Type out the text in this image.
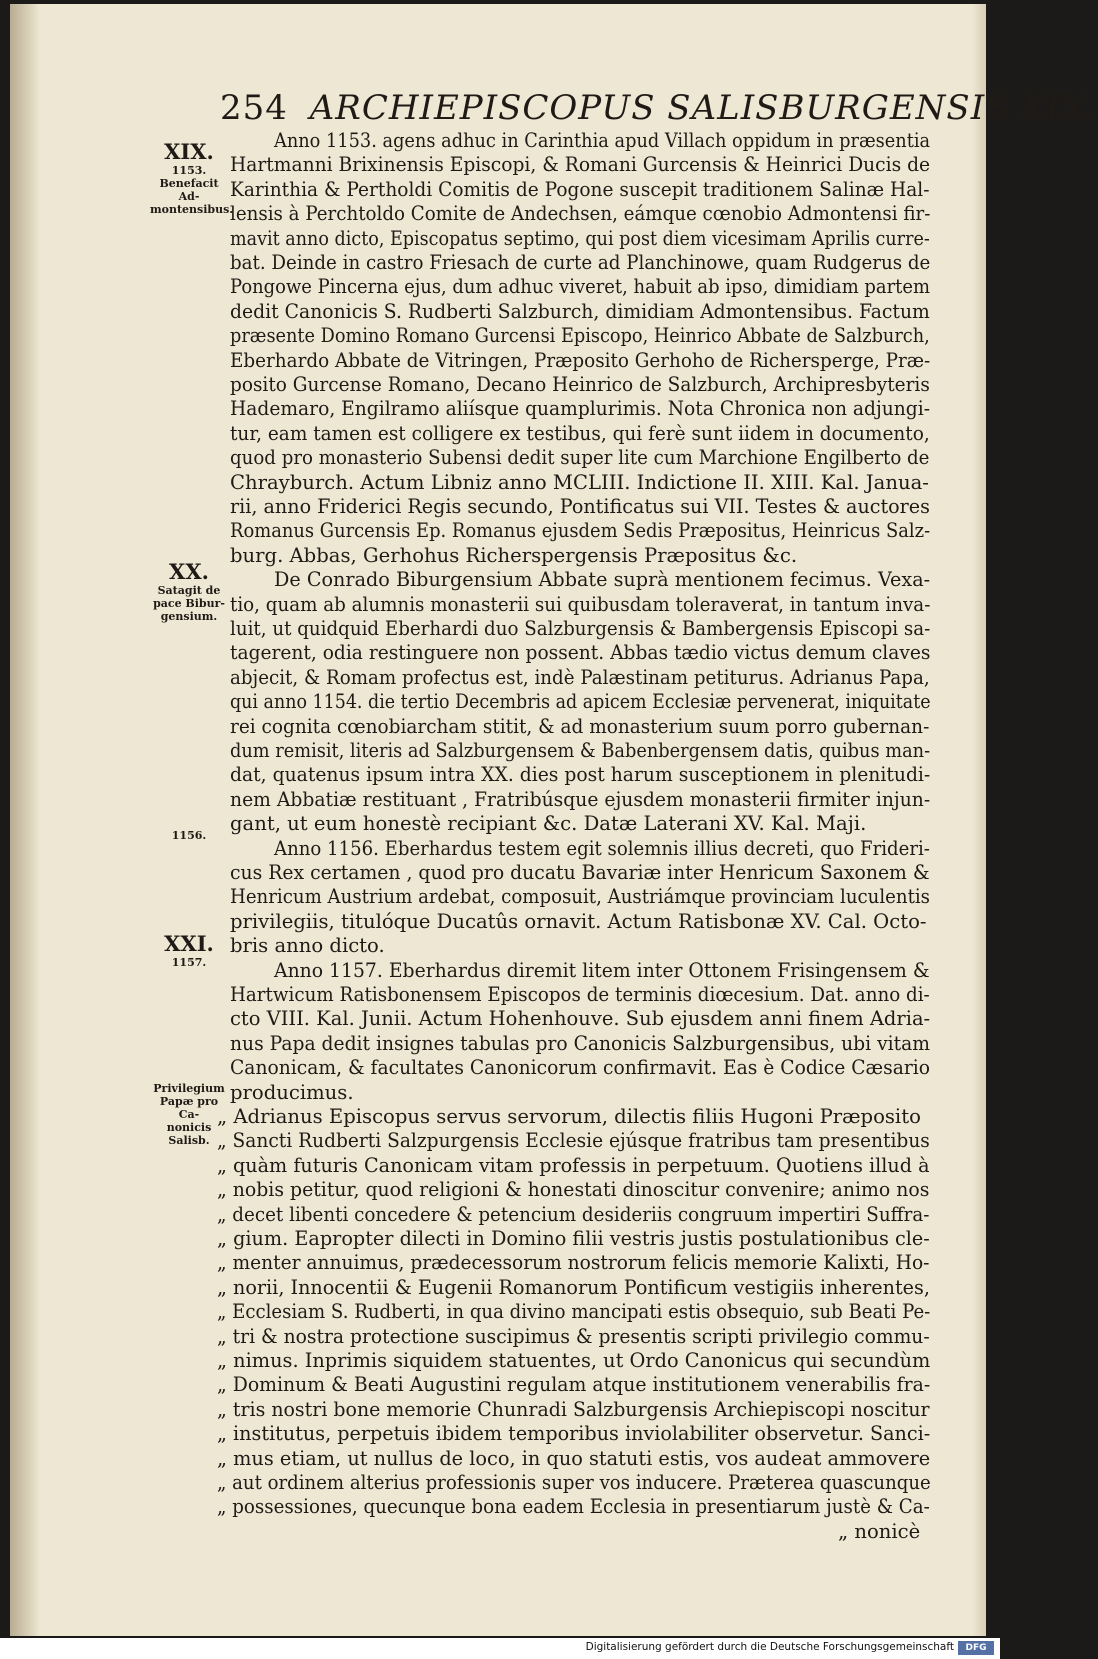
254 ARCHIEPISCOPUS SALISBURGENSIS XIX.
XIX.
1153.
Benefacit Ad-
montensibus.
XX.
Satagit de
pace Bibur-
gensium.
1156.
XXI.
1157.
Privilegium
Papæ pro Ca-
nonicis Salisb.
Anno 1153. agens adhuc in Carinthia apud Villach oppidum in præsentia
Hartmanni Brixinensis Episcopi, & Romani Gurcensis & Heinrici Ducis de
Karinthia & Pertholdi Comitis de Pogone suscepit traditionem Salinæ Hal-
lensis à Perchtoldo Comite de Andechsen, eámque cœnobio Admontensi fir-
mavit anno dicto, Episcopatus septimo, qui post diem vicesimam Aprilis curre-
bat. Deinde in castro Friesach de curte ad Planchinowe, quam Rudgerus de
Pongowe Pincerna ejus, dum adhuc viveret, habuit ab ipso, dimidiam partem
dedit Canonicis S. Rudberti Salzburch, dimidiam Admontensibus. Factum
præsente Domino Romano Gurcensi Episcopo, Heinrico Abbate de Salzburch,
Eberhardo Abbate de Vitringen, Præposito Gerhoho de Richersperge, Præ-
posito Gurcense Romano, Decano Heinrico de Salzburch, Archipresbyteris
Hademaro, Engilramo aliísque quamplurimis. Nota Chronica non adjungi-
tur, eam tamen est colligere ex testibus, qui ferè sunt iidem in documento,
quod pro monasterio Subensi dedit super lite cum Marchione Engilberto de
Chrayburch. Actum Libniz anno MCLIII. Indictione II. XIII. Kal. Janua-
rii, anno Friderici Regis secundo, Pontificatus sui VII. Testes & auctores
Romanus Gurcensis Ep. Romanus ejusdem Sedis Præpositus, Heinricus Salz-
burg. Abbas, Gerhohus Richerspergensis Præpositus &c.
De Conrado Biburgensium Abbate suprà mentionem fecimus. Vexa-
tio, quam ab alumnis monasterii sui quibusdam toleraverat, in tantum inva-
luit, ut quidquid Eberhardi duo Salzburgensis & Bambergensis Episcopi sa-
tagerent, odia restinguere non possent. Abbas tædio victus demum claves
abjecit, & Romam profectus est, indè Palæstinam petiturus. Adrianus Papa,
qui anno 1154. die tertio Decembris ad apicem Ecclesiæ pervenerat, iniquitate
rei cognita cœnobiarcham stitit, & ad monasterium suum porro gubernan-
dum remisit, literis ad Salzburgensem & Babenbergensem datis, quibus man-
dat, quatenus ipsum intra XX. dies post harum susceptionem in plenitudi-
nem Abbatiæ restituant , Fratribúsque ejusdem monasterii firmiter injun-
gant, ut eum honestè recipiant &c. Datæ Laterani XV. Kal. Maji.
Anno 1156. Eberhardus testem egit solemnis illius decreti, quo Frideri-
cus Rex certamen , quod pro ducatu Bavariæ inter Henricum Saxonem &
Henricum Austrium ardebat, composuit, Austriámque provinciam luculentis
privilegiis, titulóque Ducatûs ornavit. Actum Ratisbonæ XV. Cal. Octo-
bris anno dicto.
Anno 1157. Eberhardus diremit litem inter Ottonem Frisingensem &
Hartwicum Ratisbonensem Episcopos de terminis diœcesium. Dat. anno di-
cto VIII. Kal. Junii. Actum Hohenhouve. Sub ejusdem anni finem Adria-
nus Papa dedit insignes tabulas pro Canonicis Salzburgensibus, ubi vitam
Canonicam, & facultates Canonicorum confirmavit. Eas è Codice Cæsario
producimus.
„ Adrianus Episcopus servus servorum, dilectis filiis Hugoni Præposito
„ Sancti Rudberti Salzpurgensis Ecclesie ejúsque fratribus tam presentibus
„ quàm futuris Canonicam vitam professis in perpetuum. Quotiens illud à
„ nobis petitur, quod religioni & honestati dinoscitur convenire; animo nos
„ decet libenti concedere & petencium desideriis congruum impertiri Suffra-
„ gium. Eapropter dilecti in Domino filii vestris justis postulationibus cle-
„ menter annuimus, prædecessorum nostrorum felicis memorie Kalixti, Ho-
„ norii, Innocentii & Eugenii Romanorum Pontificum vestigiis inherentes,
„ Ecclesiam S. Rudberti, in qua divino mancipati estis obsequio, sub Beati Pe-
„ tri & nostra protectione suscipimus & presentis scripti privilegio commu-
„ nimus. Inprimis siquidem statuentes, ut Ordo Canonicus qui secundùm
„ Dominum & Beati Augustini regulam atque institutionem venerabilis fra-
„ tris nostri bone memorie Chunradi Salzburgensis Archiepiscopi noscitur
„ institutus, perpetuis ibidem temporibus inviolabiliter observetur. Sanci-
„ mus etiam, ut nullus de loco, in quo statuti estis, vos audeat ammovere
„ aut ordinem alterius professionis super vos inducere. Præterea quascunque
„ possessiones, quecunque bona eadem Ecclesia in presentiarum justè & Ca-
„ nonicè
Digitalisierung gefördert durch die Deutsche Forschungsgemeinschaft	DFG
